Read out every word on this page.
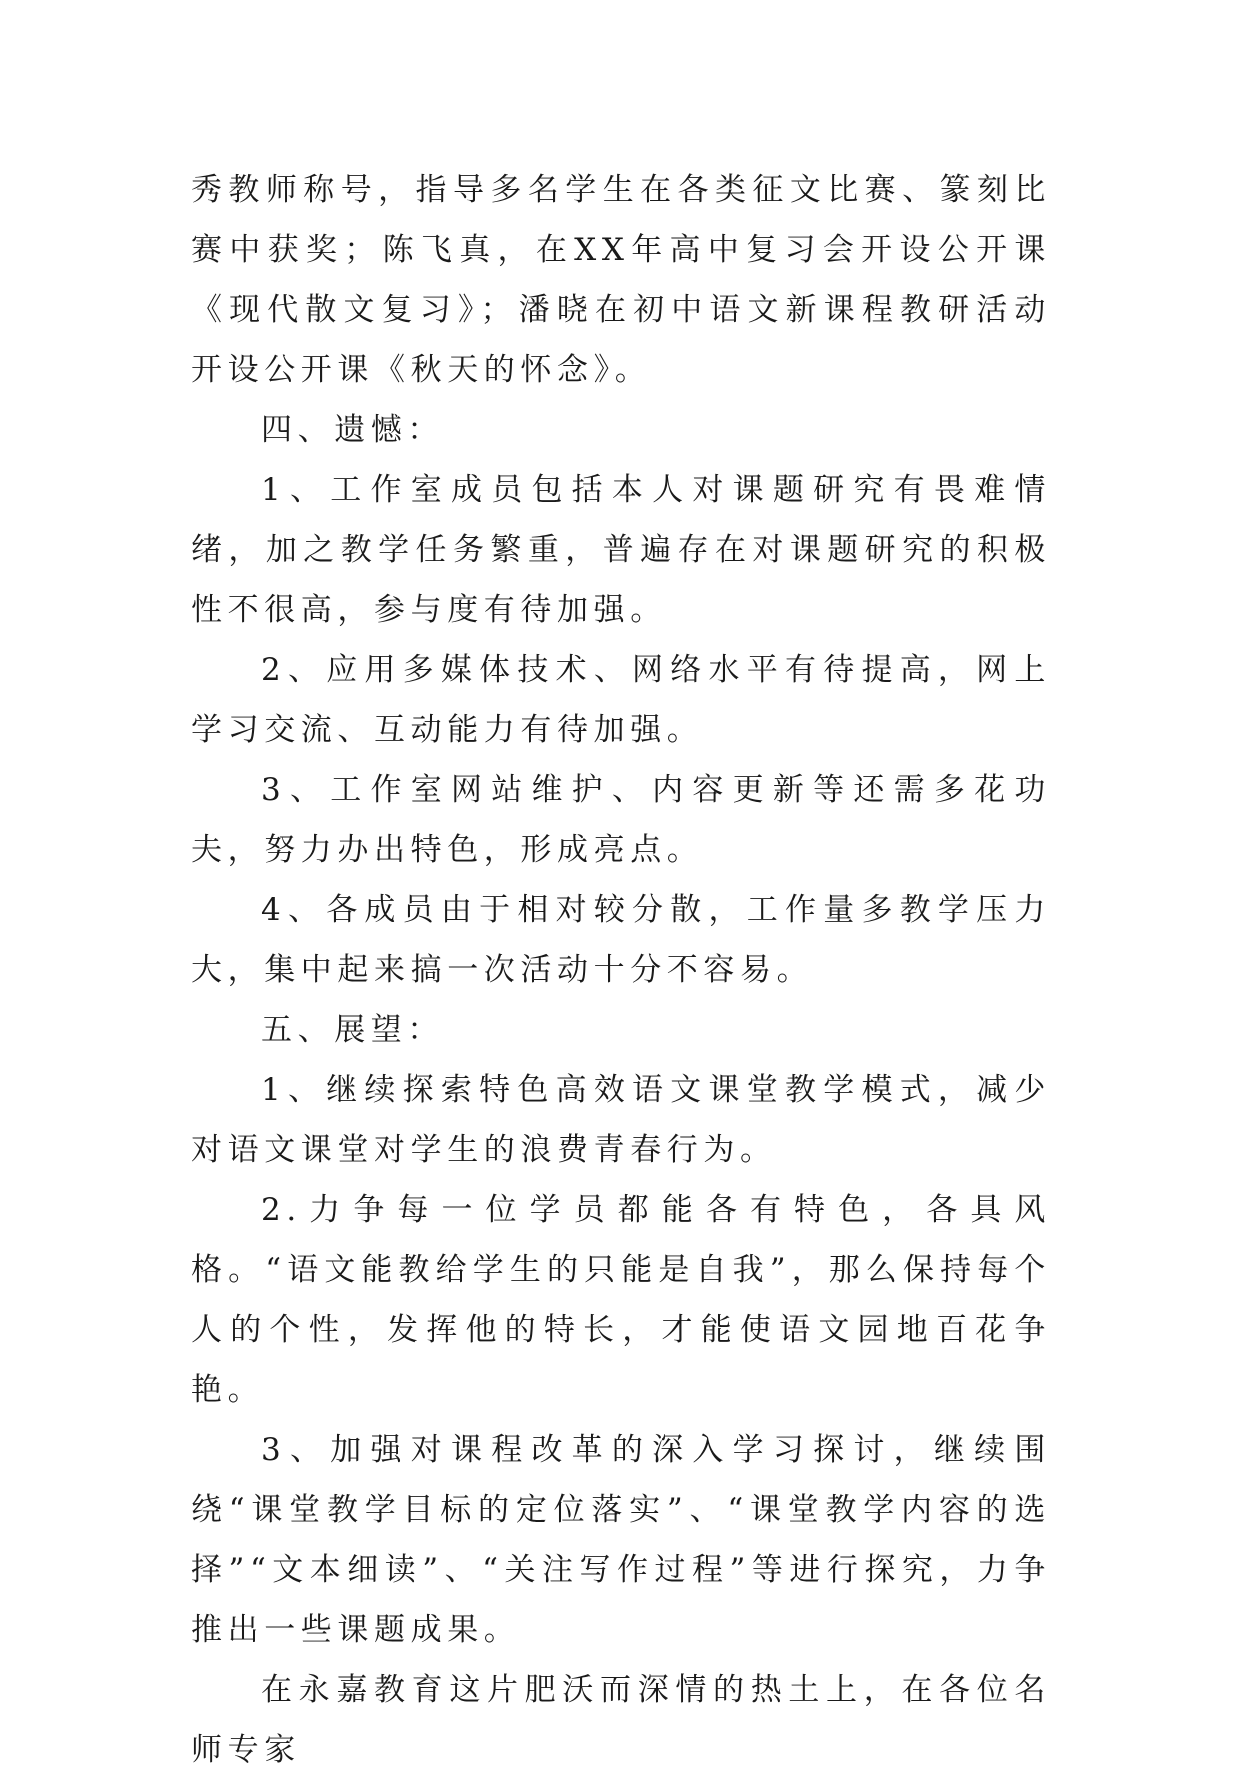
秀教师称号，指导多名学生在各类征文比赛、篆刻比赛中获奖；陈飞真，在XX年高中复习会开设公开课《现代散文复习》；潘晓在初中语文新课程教研活动开设公开课《秋天的怀念》。

四、遗憾：

1、工作室成员包括本人对课题研究有畏难情绪，加之教学任务繁重，普遍存在对课题研究的积极性不很高，参与度有待加强。

2、应用多媒体技术、网络水平有待提高，网上学习交流、互动能力有待加强。

3、工作室网站维护、内容更新等还需多花功夫，努力办出特色，形成亮点。

4、各成员由于相对较分散，工作量多教学压力大，集中起来搞一次活动十分不容易。

五、展望：

1、继续探索特色高效语文课堂教学模式，减少对语文课堂对学生的浪费青春行为。

2.力争每一位学员都能各有特色，各具风格。“语文能教给学生的只能是自我”，那么保持每个人的个性，发挥他的特长，才能使语文园地百花争艳。

3、加强对课程改革的深入学习探讨，继续围绕“课堂教学目标的定位落实”、“课堂教学内容的选择”“文本细读”、“关注写作过程”等进行探究，力争推出一些课题成果。

在永嘉教育这片肥沃而深情的热土上，在各位名师专家
